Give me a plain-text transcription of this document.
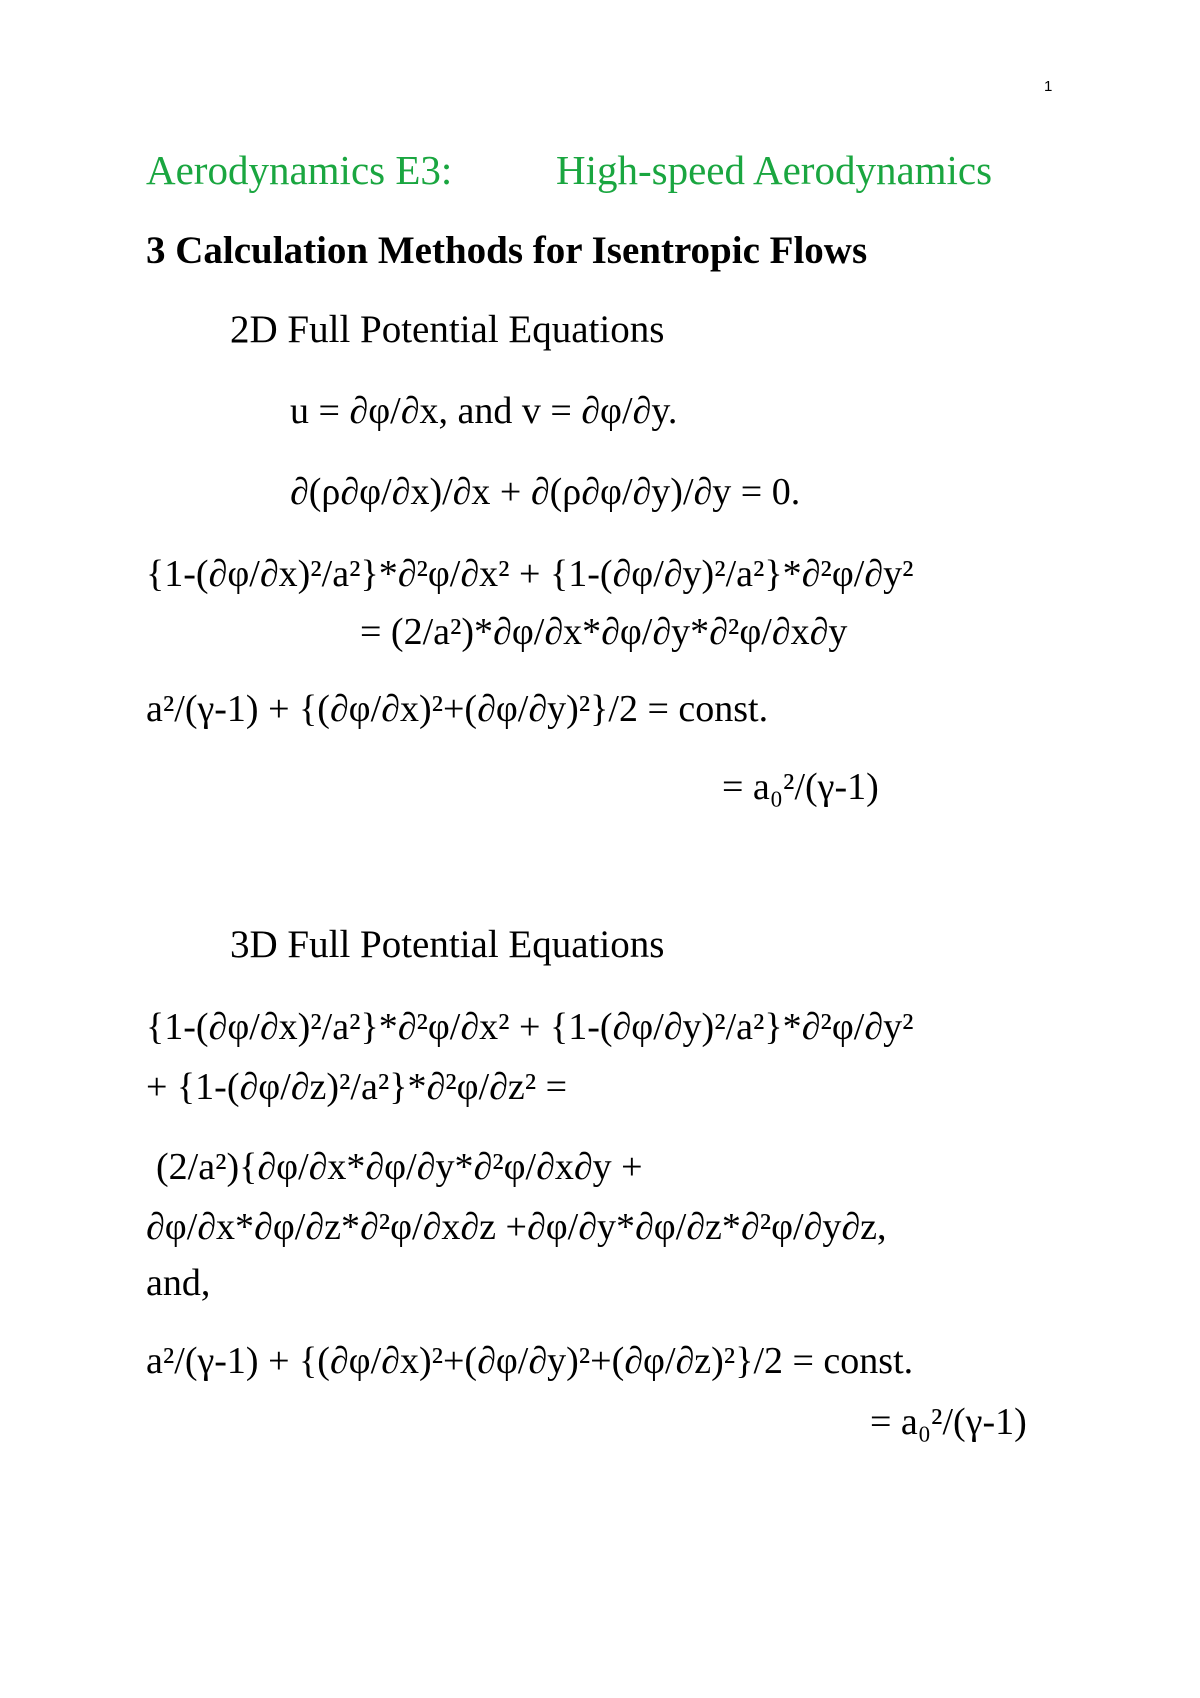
1
Aerodynamics E3:	High-speed Aerodynamics
3 Calculation Methods for Isentropic Flows
2D Full Potential Equations
u = ∂φ/∂x, and v = ∂φ/∂y.
∂(ρ∂φ/∂x)/∂x + ∂(ρ∂φ/∂y)/∂y = 0.
{1-(∂φ/∂x)²/a²}*∂²φ/∂x² + {1-(∂φ/∂y)²/a²}*∂²φ/∂y²
= (2/a²)*∂φ/∂x*∂φ/∂y*∂²φ/∂x∂y
a²/(γ-1) + {(∂φ/∂x)²+(∂φ/∂y)²}/2 = const.
= a₀²/(γ-1)
3D Full Potential Equations
{1-(∂φ/∂x)²/a²}*∂²φ/∂x² + {1-(∂φ/∂y)²/a²}*∂²φ/∂y²
+ {1-(∂φ/∂z)²/a²}*∂²φ/∂z² =
(2/a²){∂φ/∂x*∂φ/∂y*∂²φ/∂x∂y +
∂φ/∂x*∂φ/∂z*∂²φ/∂x∂z +∂φ/∂y*∂φ/∂z*∂²φ/∂y∂z,
and,
a²/(γ-1) + {(∂φ/∂x)²+(∂φ/∂y)²+(∂φ/∂z)²}/2 = const.
= a₀²/(γ-1)
